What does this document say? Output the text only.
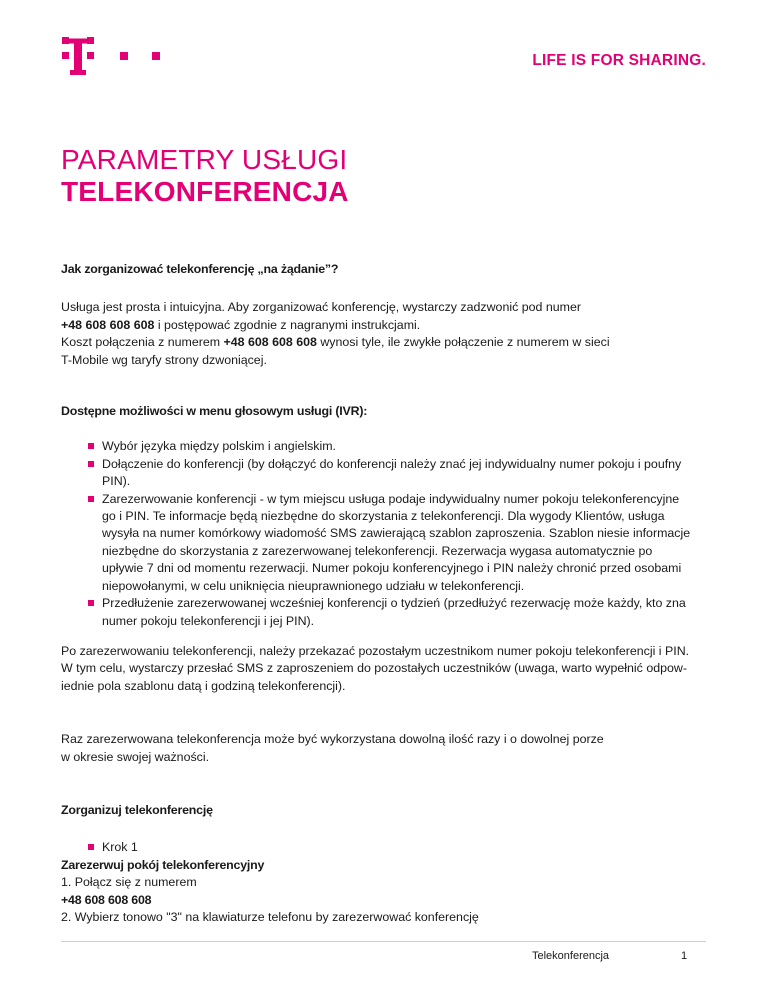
LIFE IS FOR SHARING.
PARAMETRY USŁUGI
TELEKONFERENCJA

Jak zorganizować telekonferencję „na żądanie”?

Usługa jest prosta i intuicyjna. Aby zorganizować konferencję, wystarczy zadzwonić pod numer
+48 608 608 608 i postępować zgodnie z nagranymi instrukcjami.
Koszt połączenia z numerem +48 608 608 608 wynosi tyle, ile zwykłe połączenie z numerem w sieci
T-Mobile wg taryfy strony dzwoniącej.

Dostępne możliwości w menu głosowym usługi (IVR):

Wybór języka między polskim i angielskim.
Dołączenie do konferencji (by dołączyć do konferencji należy znać jej indywidualny numer pokoju i poufny
PIN).
Zarezerwowanie konferencji - w tym miejscu usługa podaje indywidualny numer pokoju telekonferencyjne
go i PIN. Te informacje będą niezbędne do skorzystania z telekonferencji. Dla wygody Klientów, usługa
wysyła na numer komórkowy wiadomość SMS zawierającą szablon zaproszenia. Szablon niesie informacje
niezbędne do skorzystania z zarezerwowanej telekonferencji. Rezerwacja wygasa automatycznie po
upływie 7 dni od momentu rezerwacji. Numer pokoju konferencyjnego i PIN należy chronić przed osobami
niepowołanymi, w celu uniknięcia nieuprawnionego udziału w telekonferencji.

Przedłużenie zarezerwowanej wcześniej konferencji o tydzień (przedłużyć rezerwację może każdy, kto zna
numer pokoju telekonferencji i jej PIN).

Po zarezerwowaniu telekonferencji, należy przekazać pozostałym uczestnikom numer pokoju telekonferencji i PIN.
W tym celu, wystarczy przesłać SMS z zaproszeniem do pozostałych uczestników (uwaga, warto wypełnić odpow-
iednie pola szablonu datą i godziną telekonferencji).

Raz zarezerwowana telekonferencja może być wykorzystana dowolną ilość razy i o dowolnej porze
w okresie swojej ważności.

Zorganizuj telekonferencję

Krok 1

Zarezerwuj pokój telekonferencyjny

1. Połącz się z numerem

+48 608 608 608

2. Wybierz tonowo "3" na klawiaturze telefonu by zarezerwować konferencję

Telekonferencja	1
